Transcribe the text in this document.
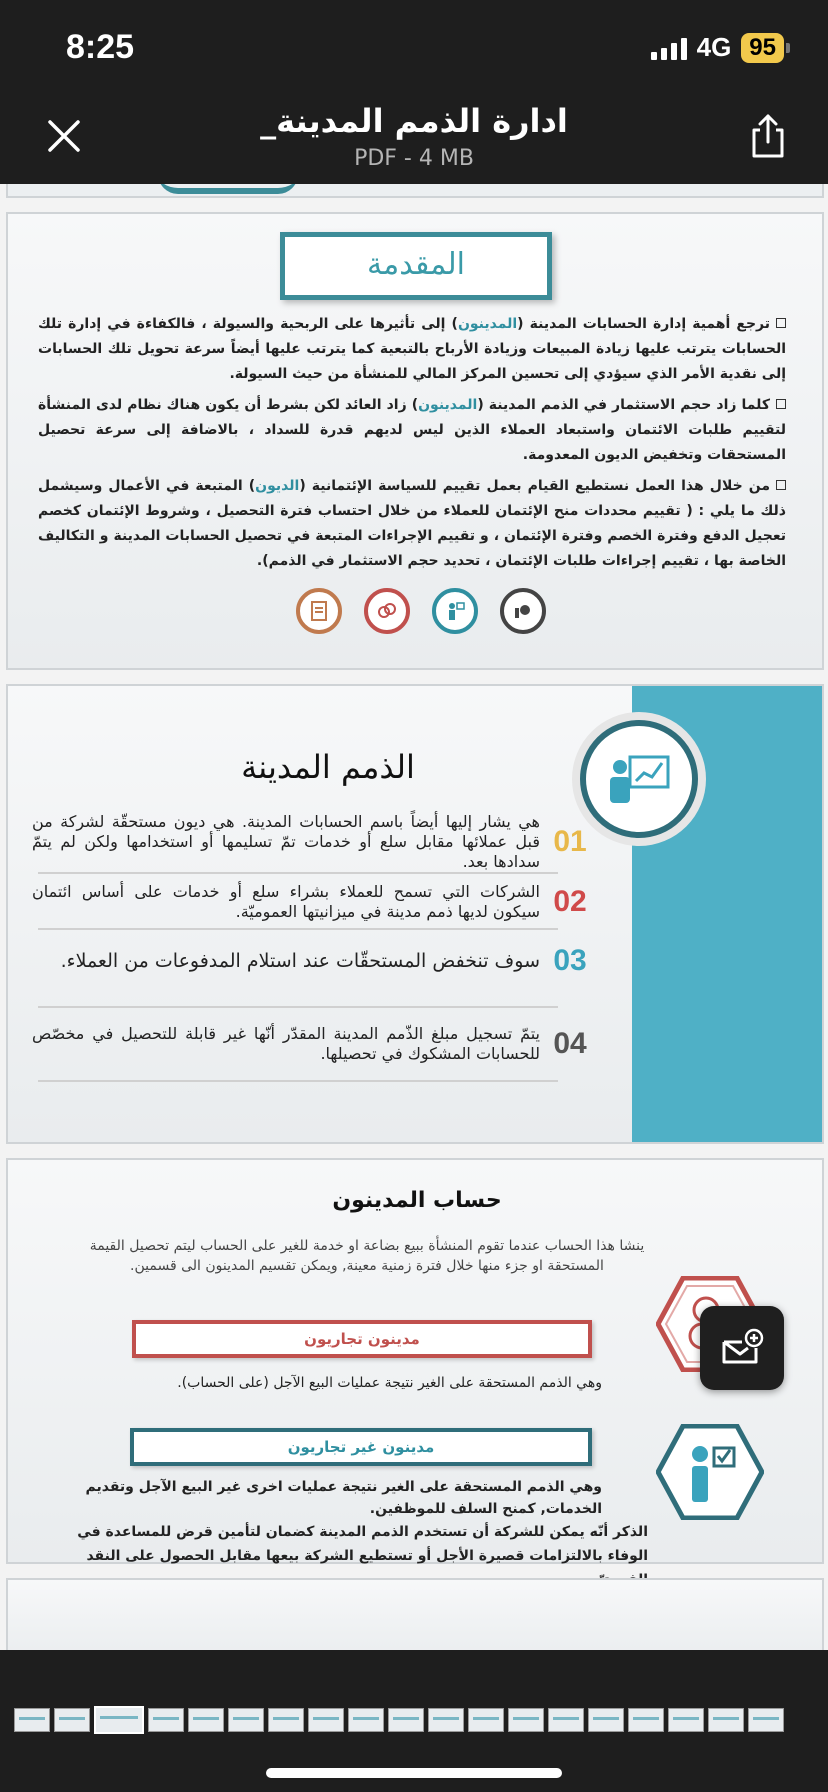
8:25	4G 95
ادارة الذمم المدينة_
PDF - 4 MB
المقدمة

ترجع أهمية إدارة الحسابات المدينة (المدينون) إلى تأثيرها على الربحية والسيولة ، فالكفاءة في إدارة تلك الحسابات يترتب عليها زيادة المبيعات وزيادة الأرباح بالتبعية كما يترتب عليها أيضاً سرعة تحويل تلك الحسابات إلى نقدية الأمر الذي سيؤدي إلى تحسين المركز المالي للمنشأة من حيث السيولة.

كلما زاد حجم الاستثمار في الذمم المدينة (المدينون) زاد العائد لكن بشرط أن يكون هناك نظام لدى المنشأة لتقييم طلبات الائتمان واستبعاد العملاء الذين ليس لديهم قدرة للسداد ، بالاضافة إلى سرعة تحصيل المستحقات وتخفيض الديون المعدومة.

من خلال هذا العمل نستطيع القيام بعمل تقييم للسياسة الإئتمانية (الديون) المتبعة في الأعمال وسيشمل ذلك ما يلي : ( تقييم محددات منح الإئتمان للعملاء من خلال احتساب فترة التحصيل ، وشروط الإئتمان كخصم تعجيل الدفع وفترة الخصم وفترة الإئتمان ، و تقييم الإجراءات المتبعة في تحصيل الحسابات المدينة و التكاليف الخاصة بها ، تقييم إجراءات طلبات الإئتمان ، تحديد حجم الاستثمار في الذمم).

الذمم المدينة
01
هي يشار إليها أيضاً باسم الحسابات المدينة. هي ديون مستحقّة لشركة من قبل عملائها مقابل سلع أو خدمات تمّ تسليمها أو استخدامها ولكن لم يتمّ سدادها بعد.
02
الشركات التي تسمح للعملاء بشراء سلع أو خدمات على أساس ائتمان سيكون لديها ذمم مدينة في ميزانيتها العموميّة.
03
سوف تنخفض المستحقّات عند استلام المدفوعات من العملاء.
04
يتمّ تسجيل مبلغ الذّمم المدينة المقدّر أنّها غير قابلة للتحصيل في مخصّص للحسابات المشكوك في تحصيلها.
حساب المدينون
ينشا هذا الحساب عندما تقوم المنشأة ببيع بضاعة او خدمة للغير على الحساب ليتم تحصيل القيمة المستحقة او جزء منها خلال فترة زمنية معينة, ويمكن تقسيم المدينون الى قسمين.
مدينون تجاريون
وهي الذمم المستحقة على الغير نتيجة عمليات البيع الآجل (على الحساب).
مدينون غير تجاريون
وهي الذمم المستحقة على الغير نتيجة عمليات اخرى غير البيع الآجل وتقديم الخدمات, كمنح السلف للموظفين.
الذكر أنّه يمكن للشركة أن تستخدم الذمم المدينة كضمان لتأمين قرض للمساعدة في الوفاء بالالتزامات قصيرة الأجل أو تستطيع الشركة بيعها مقابل الحصول على النقد
